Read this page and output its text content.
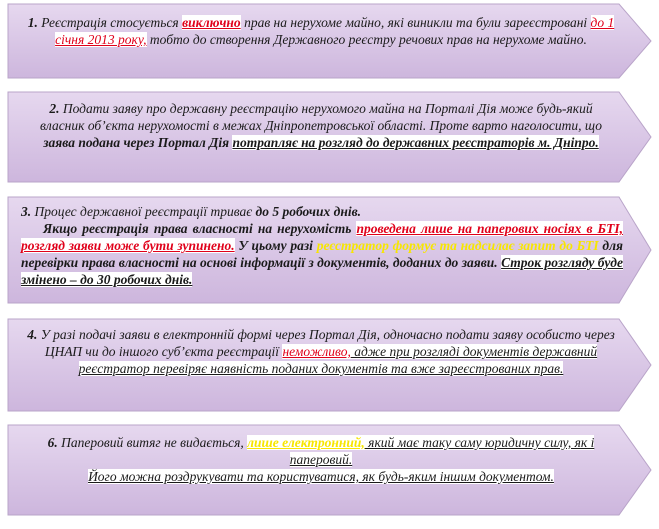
1. Реєстрація стосується виключно прав на нерухоме майно, які виникли та були зареєстровані до 1 січня 2013 року, тобто до створення Державного реєстру речових прав на нерухоме майно.
2. Подати заяву про державну реєстрацію нерухомого майна на Порталі Дія може будь-який власник об’єкта нерухомості в межах Дніпропетровської області. Проте варто наголосити, що заява подана через Портал Дія потрапляє на розгляд до державних реєстраторів м. Дніпро.
3. Процес державної реєстрації триває до 5 робочих днів.
Якщо реєстрація права власності на нерухомість проведена лише на паперових носіях в БТІ, розгляд заяви може бути зупинено. У цьому разі реєстратор формує та надсилає запит до БТІ для перевірки права власності на основі інформації з документів, доданих до заяви. Строк розгляду буде змінено – до 30 робочих днів.
4. У разі подачі заяви в електронній формі через Портал Дія, одночасно подати заяву особисто через ЦНАП чи до іншого суб’єкта реєстрації неможливо, адже при розгляді документів державний реєстратор перевіряє наявність поданих документів та вже зареєстрованих прав.
6. Паперовий витяг не видається, лише електронний, який має таку саму юридичну силу, як і паперовий.
Його можна роздрукувати та користуватися, як будь-яким іншим документом.
